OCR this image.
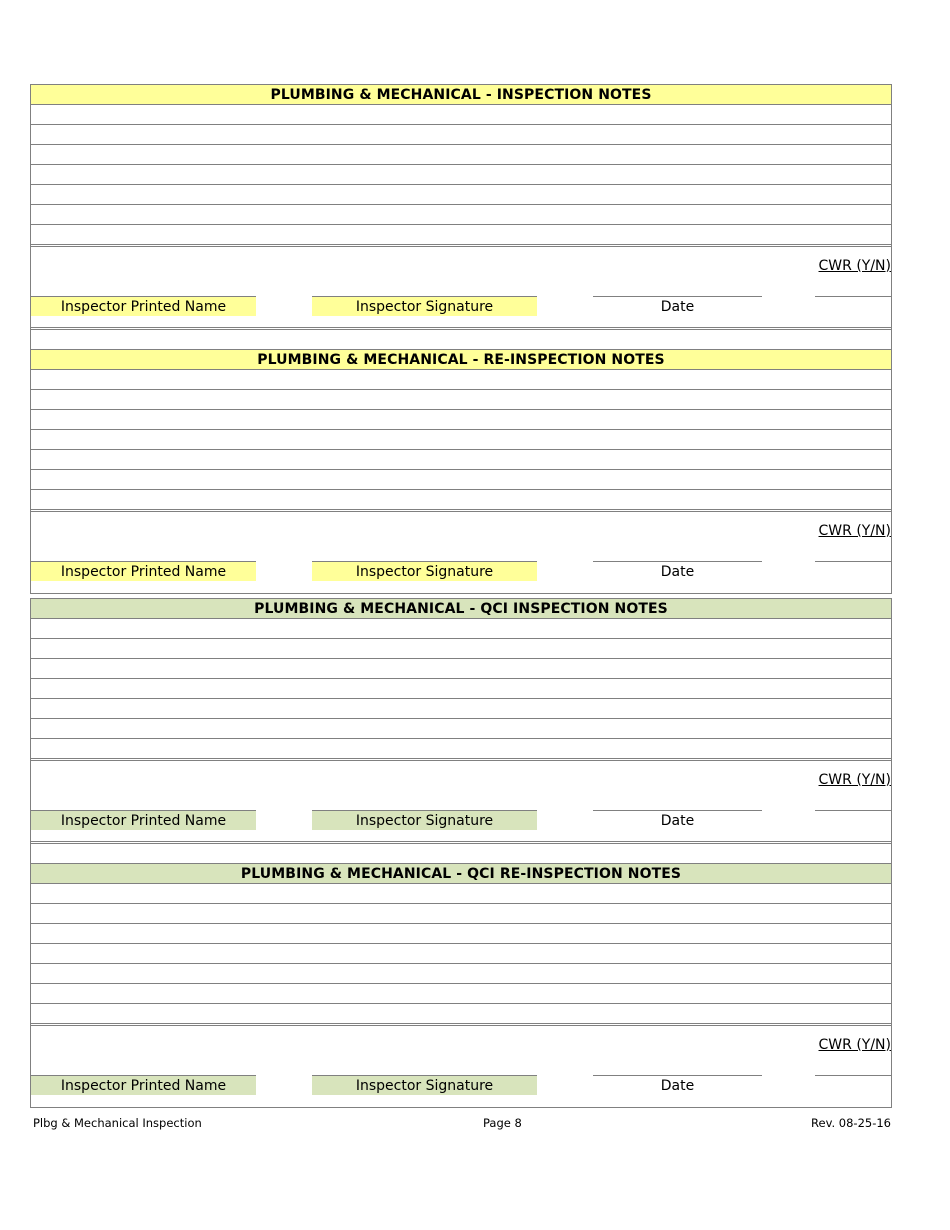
PLUMBING & MECHANICAL - INSPECTION NOTES
CWR (Y/N)
Inspector Printed Name	Inspector Signature	Date
PLUMBING & MECHANICAL - RE-INSPECTION NOTES
CWR (Y/N)
Inspector Printed Name	Inspector Signature	Date
PLUMBING & MECHANICAL - QCI INSPECTION NOTES
CWR (Y/N)
Inspector Printed Name	Inspector Signature	Date
PLUMBING & MECHANICAL - QCI RE-INSPECTION NOTES
CWR (Y/N)
Inspector Printed Name	Inspector Signature	Date
Plbg & Mechanical Inspection	Page 8	Rev. 08-25-16
